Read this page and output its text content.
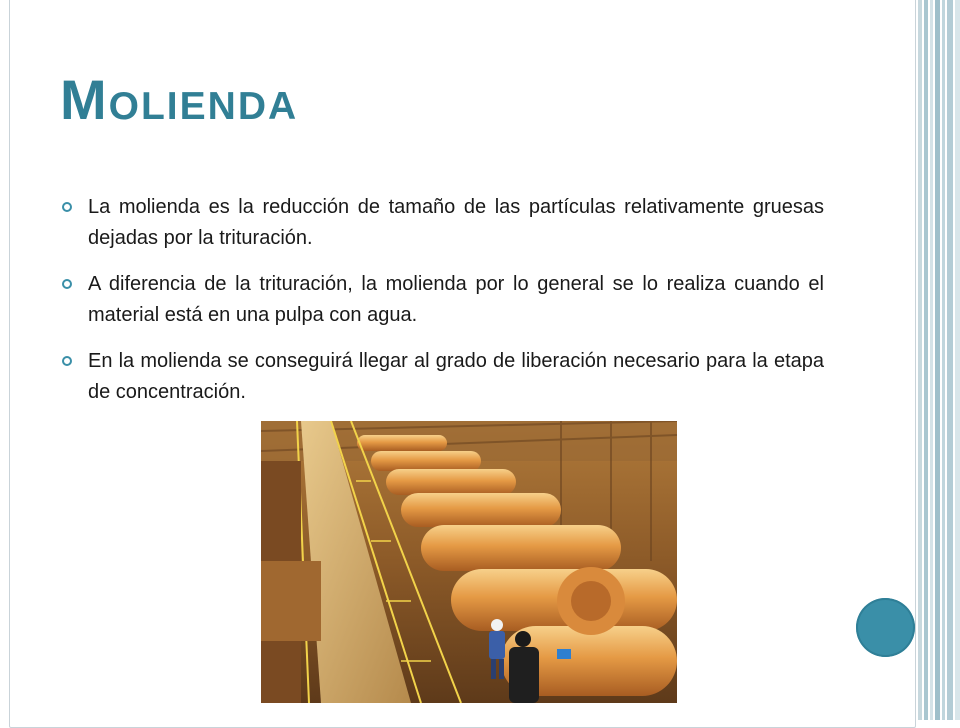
Molienda
La molienda es la reducción de tamaño de las partículas relativamente gruesas dejadas por la trituración.
A diferencia de la trituración, la molienda por lo general se lo realiza cuando el material está en una pulpa con agua.
En la molienda se conseguirá llegar al grado de liberación necesario para la etapa de concentración.
